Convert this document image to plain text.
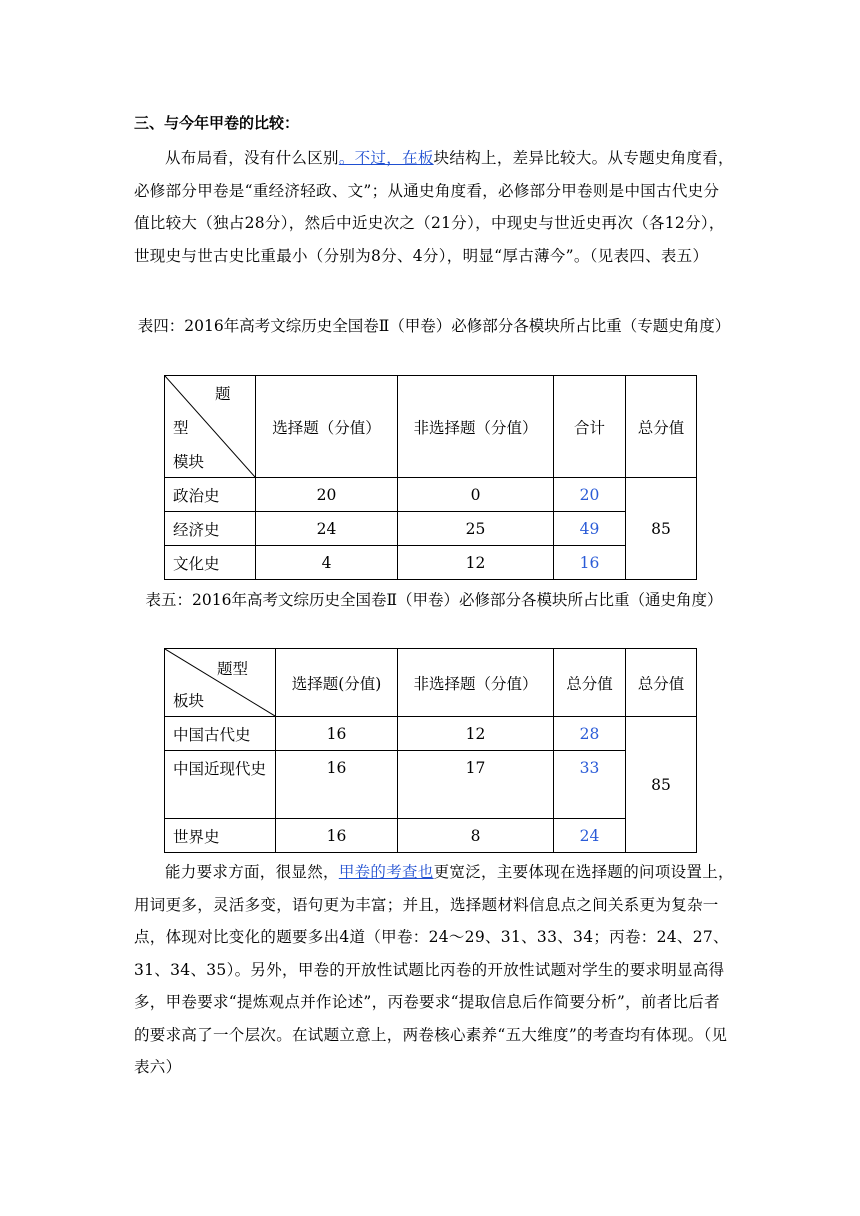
三、与今年甲卷的比较：
从布局看，没有什么区别。不过，在板块结构上，差异比较大。从专题史角度看，必修部分甲卷是“重经济轻政、文”；从通史角度看，必修部分甲卷则是中国古代史分值比较大（独占28分），然后中近史次之（21分），中现史与世近史再次（各12分），世现史与世古史比重最小（分别为8分、4分），明显“厚古薄今”。（见表四、表五）
表四：2016年高考文综历史全国卷Ⅱ（甲卷）必修部分各模块所占比重（专题史角度）
题
型
模块	选择题（分值）	非选择题（分值）	合计	总分值
政治史	20	0	20	85
经济史	24	25	49	
文化史	4	12	16	
表五：2016年高考文综历史全国卷Ⅱ（甲卷）必修部分各模块所占比重（通史角度）
题型
板块	选择题(分值)	非选择题（分值）	总分值	总分值
中国古代史	16	12	28	85
中国近现代史	16	17	33	
世界史	16	8	24	
能力要求方面，很显然，甲卷的考查也更宽泛，主要体现在选择题的问项设置上，用词更多，灵活多变，语句更为丰富；并且，选择题材料信息点之间关系更为复杂一点，体现对比变化的题要多出4道（甲卷：24～29、31、33、34；丙卷：24、27、31、34、35）。另外，甲卷的开放性试题比丙卷的开放性试题对学生的要求明显高得多，甲卷要求“提炼观点并作论述”，丙卷要求“提取信息后作简要分析”，前者比后者的要求高了一个层次。在试题立意上，两卷核心素养“五大维度”的考查均有体现。（见表六）
